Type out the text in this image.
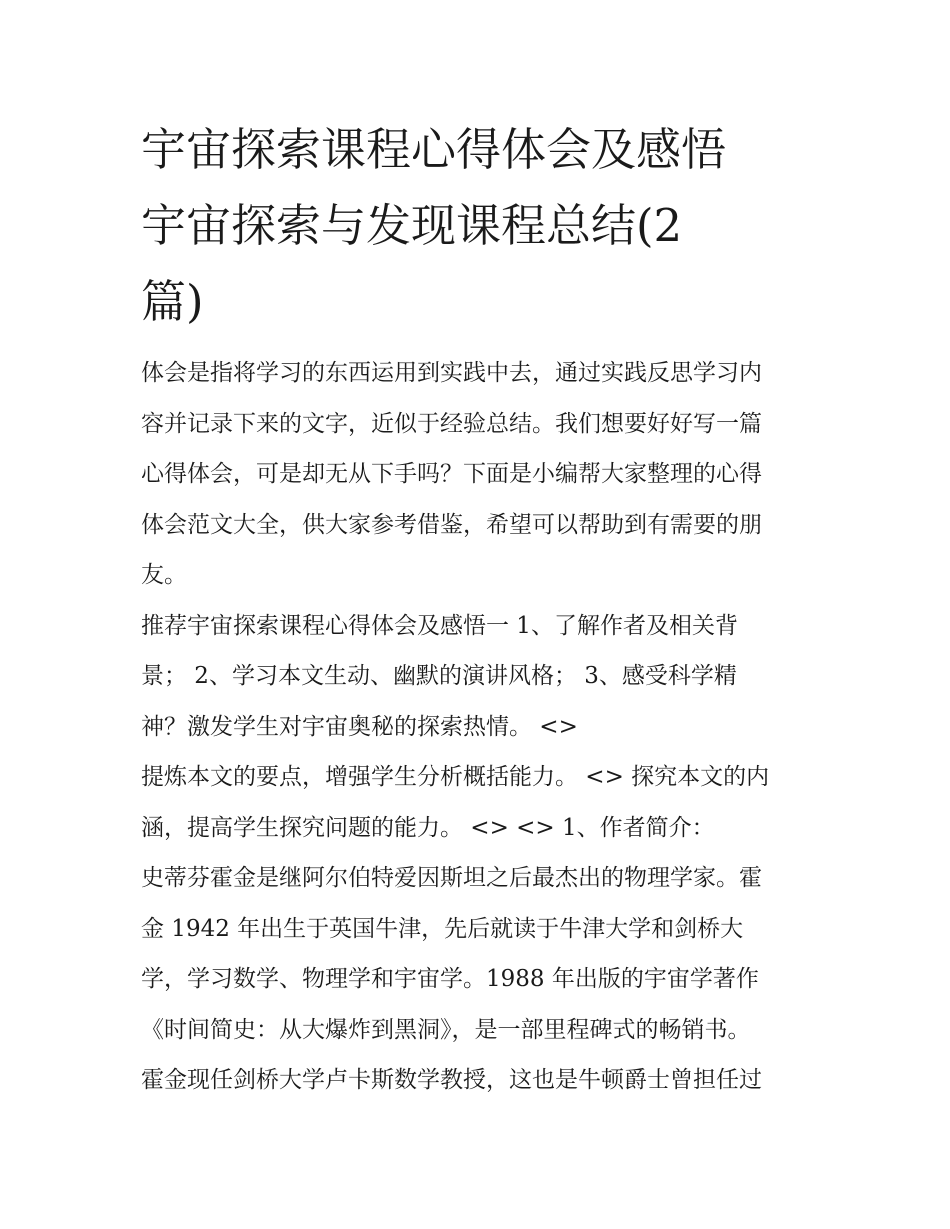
宇宙探索课程心得体会及感悟
宇宙探索与发现课程总结(2
篇)

体会是指将学习的东西运用到实践中去，通过实践反思学习内

容并记录下来的文字，近似于经验总结。我们想要好好写一篇

心得体会，可是却无从下手吗？下面是小编帮大家整理的心得

体会范文大全，供大家参考借鉴，希望可以帮助到有需要的朋

友。

推荐宇宙探索课程心得体会及感悟一 1、了解作者及相关背

景； 2、学习本文生动、幽默的演讲风格； 3、感受科学精

神？激发学生对宇宙奥秘的探索热情。 <>

提炼本文的要点，增强学生分析概括能力。 <> 探究本文的内

涵，提高学生探究问题的能力。 <> <> 1、作者简介：

史蒂芬霍金是继阿尔伯特爱因斯坦之后最杰出的物理学家。霍

金 1942 年出生于英国牛津，先后就读于牛津大学和剑桥大

学，学习数学、物理学和宇宙学。1988 年出版的宇宙学著作

《时间简史：从大爆炸到黑洞》，是一部里程碑式的畅销书。

霍金现任剑桥大学卢卡斯数学教授，这也是牛顿爵士曾担任过
